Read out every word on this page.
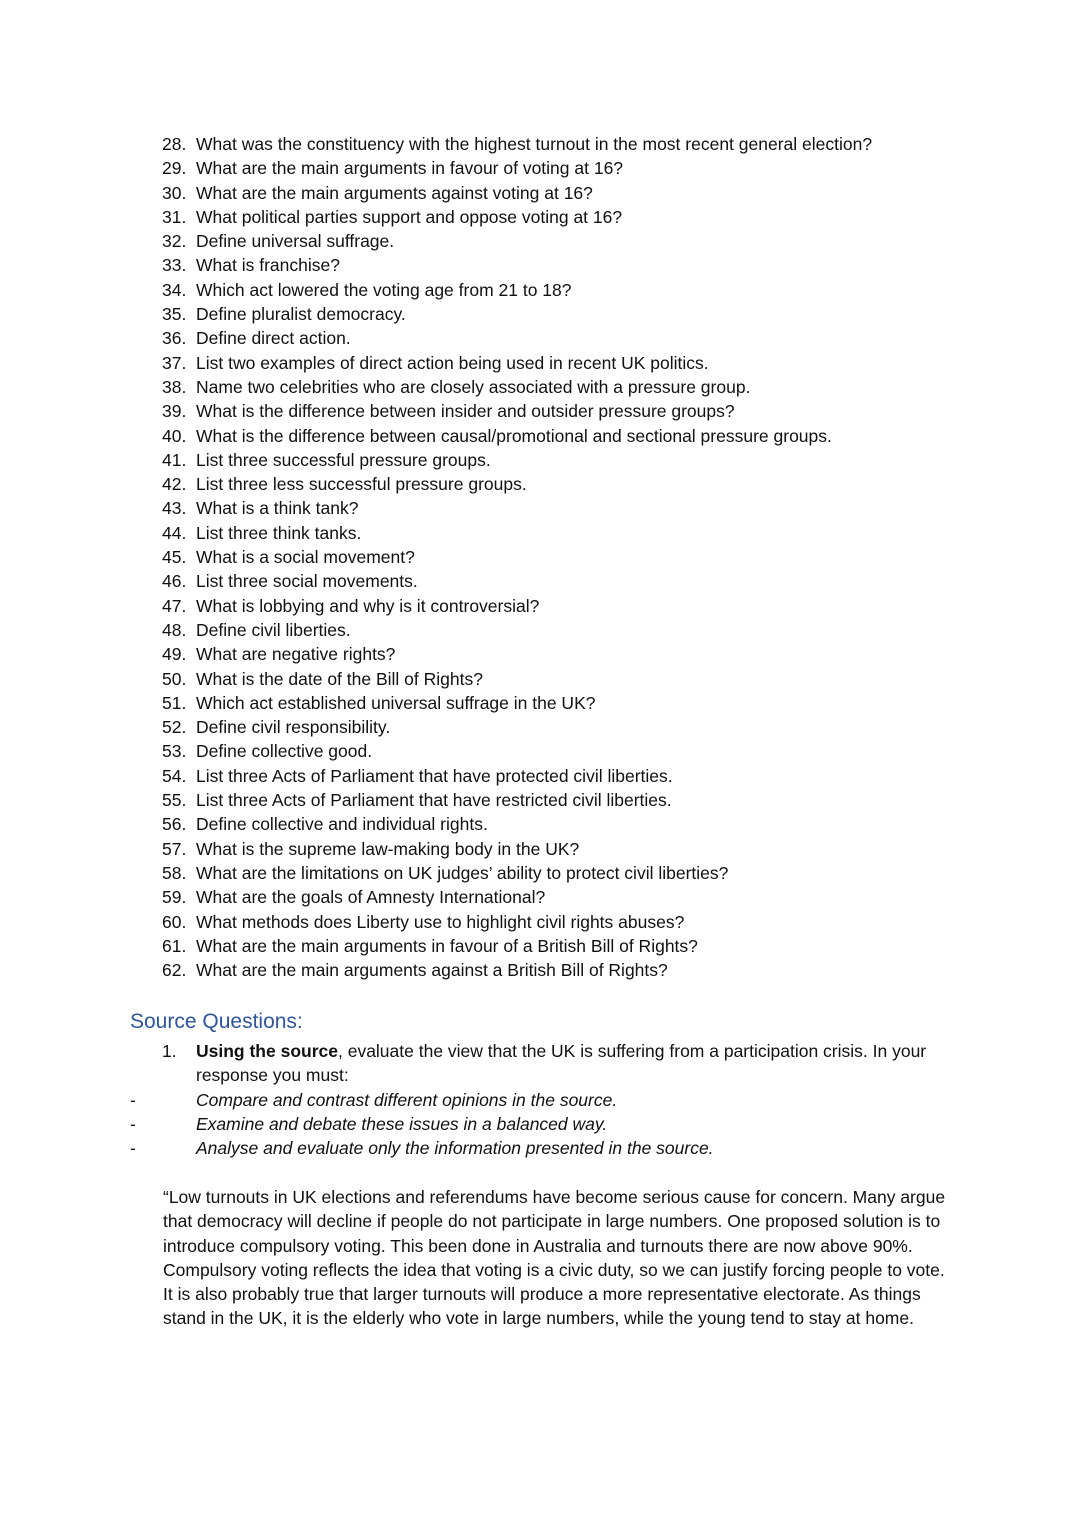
28. What was the constituency with the highest turnout in the most recent general election?
29. What are the main arguments in favour of voting at 16?
30. What are the main arguments against voting at 16?
31. What political parties support and oppose voting at 16?
32. Define universal suffrage.
33. What is franchise?
34. Which act lowered the voting age from 21 to 18?
35. Define pluralist democracy.
36. Define direct action.
37. List two examples of direct action being used in recent UK politics.
38. Name two celebrities who are closely associated with a pressure group.
39. What is the difference between insider and outsider pressure groups?
40. What is the difference between causal/promotional and sectional pressure groups.
41. List three successful pressure groups.
42. List three less successful pressure groups.
43. What is a think tank?
44. List three think tanks.
45. What is a social movement?
46. List three social movements.
47. What is lobbying and why is it controversial?
48. Define civil liberties.
49. What are negative rights?
50. What is the date of the Bill of Rights?
51. Which act established universal suffrage in the UK?
52. Define civil responsibility.
53. Define collective good.
54. List three Acts of Parliament that have protected civil liberties.
55. List three Acts of Parliament that have restricted civil liberties.
56. Define collective and individual rights.
57. What is the supreme law-making body in the UK?
58. What are the limitations on UK judges’ ability to protect civil liberties?
59. What are the goals of Amnesty International?
60. What methods does Liberty use to highlight civil rights abuses?
61. What are the main arguments in favour of a British Bill of Rights?
62. What are the main arguments against a British Bill of Rights?
Source Questions:
1.	Using the source, evaluate the view that the UK is suffering from a participation crisis. In your response you must:
-	Compare and contrast different opinions in the source.
-	Examine and debate these issues in a balanced way.
-	Analyse and evaluate only the information presented in the source.

“Low turnouts in UK elections and referendums have become serious cause for concern. Many argue that democracy will decline if people do not participate in large numbers. One proposed solution is to introduce compulsory voting. This been done in Australia and turnouts there are now above 90%. Compulsory voting reflects the idea that voting is a civic duty, so we can justify forcing people to vote. It is also probably true that larger turnouts will produce a more representative electorate. As things stand in the UK, it is the elderly who vote in large numbers, while the young tend to stay at home.
